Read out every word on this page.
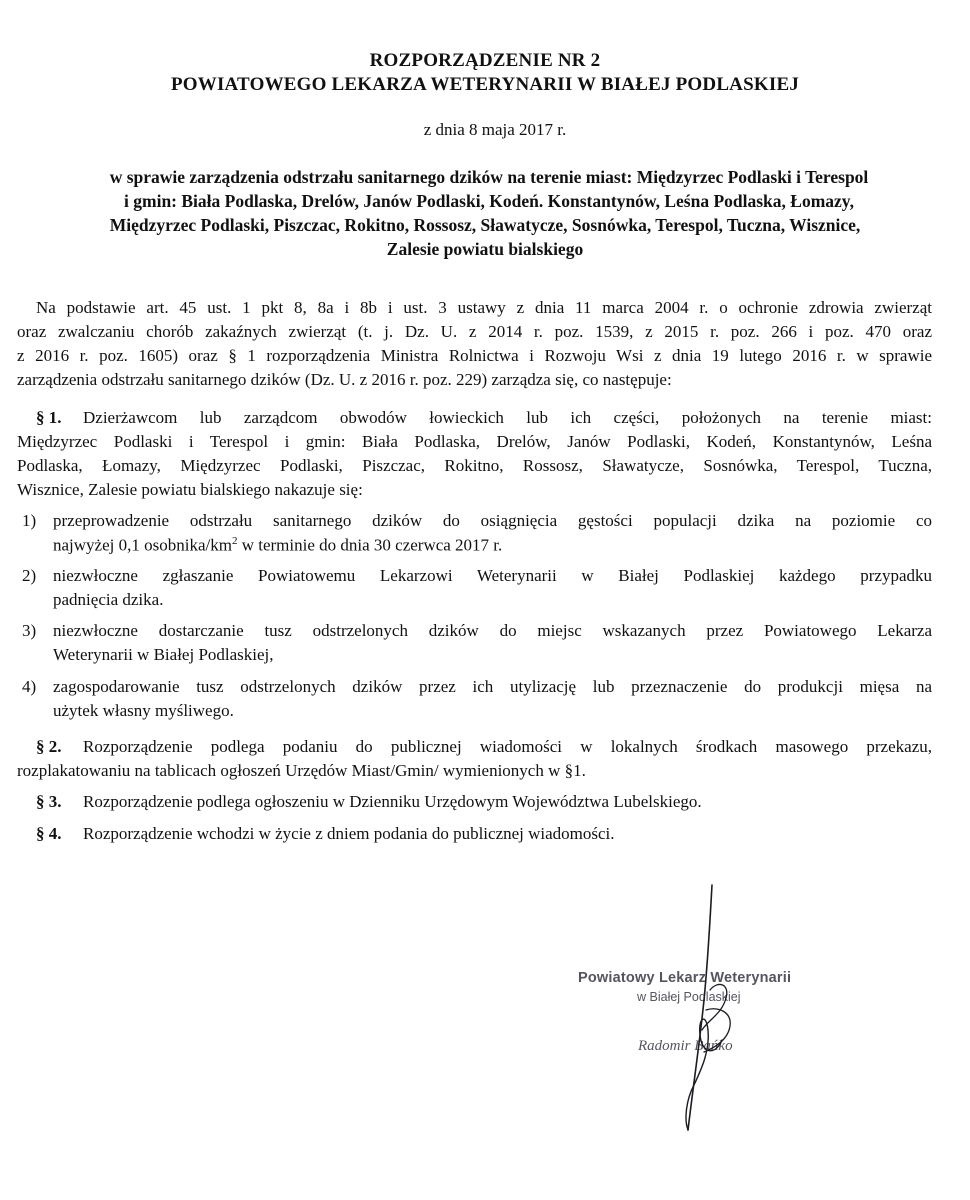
ROZPORZĄDZENIE NR 2
POWIATOWEGO LEKARZA WETERYNARII W BIAŁEJ PODLASKIEJ
z dnia 8 maja 2017 r.
w sprawie zarządzenia odstrzału sanitarnego dzików na terenie miast: Międzyrzec Podlaski i Terespol
i gmin: Biała Podlaska, Drelów, Janów Podlaski, Kodeń. Konstantynów, Leśna Podlaska, Łomazy,
Międzyrzec Podlaski, Piszczac, Rokitno, Rossosz, Sławatycze, Sosnówka, Terespol, Tuczna, Wisznice,
Zalesie powiatu bialskiego
Na podstawie art. 45 ust. 1 pkt 8, 8a i 8b i ust. 3 ustawy z dnia 11 marca 2004 r. o ochronie zdrowia zwierząt
oraz zwalczaniu chorób zakaźnych zwierząt (t. j. Dz. U. z 2014 r. poz. 1539, z 2015 r. poz. 266 i poz. 470 oraz
z 2016 r. poz. 1605) oraz § 1 rozporządzenia Ministra Rolnictwa i Rozwoju Wsi z dnia 19 lutego 2016 r. w sprawie
zarządzenia odstrzału sanitarnego dzików (Dz. U. z 2016 r. poz. 229) zarządza się, co następuje:
§ 1. Dzierżawcom lub zarządcom obwodów łowieckich lub ich części, położonych na terenie miast:
Międzyrzec Podlaski i Terespol i gmin: Biała Podlaska, Drelów, Janów Podlaski, Kodeń, Konstantynów, Leśna
Podlaska, Łomazy, Międzyrzec Podlaski, Piszczac, Rokitno, Rossosz, Sławatycze, Sosnówka, Terespol, Tuczna,
Wisznice, Zalesie powiatu bialskiego nakazuje się:
1) przeprowadzenie odstrzału sanitarnego dzików do osiągnięcia gęstości populacji dzika na poziomie co
najwyżej 0,1 osobnika/$km^2$ w terminie do dnia 30 czerwca 2017 r.
2) niezwłoczne zgłaszanie Powiatowemu Lekarzowi Weterynarii w Białej Podlaskiej każdego przypadku
padnięcia dzika.
3) niezwłoczne dostarczanie tusz odstrzelonych dzików do miejsc wskazanych przez Powiatowego Lekarza
Weterynarii w Białej Podlaskiej,
4) zagospodarowanie tusz odstrzelonych dzików przez ich utylizację lub przeznaczenie do produkcji mięsa na
użytek własny myśliwego.
§ 2. Rozporządzenie podlega podaniu do publicznej wiadomości w lokalnych środkach masowego przekazu,
rozplakatowaniu na tablicach ogłoszeń Urzędów Miast/Gmin/ wymienionych w §1.
§ 3. Rozporządzenie podlega ogłoszeniu w Dzienniku Urzędowym Województwa Lubelskiego.
§ 4. Rozporządzenie wchodzi w życie z dniem podania do publicznej wiadomości.
Powiatowy Lekarz Weterynarii
w Białej Podlaskiej
Radomir Bańko
